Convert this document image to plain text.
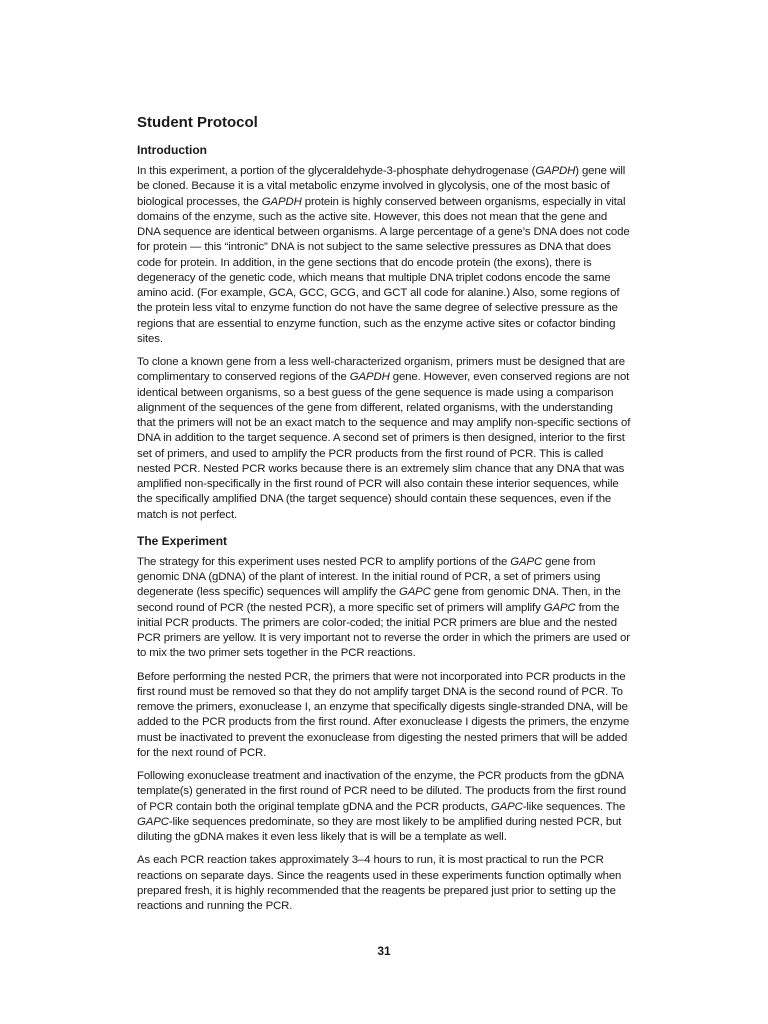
Student Protocol
Introduction

In this experiment, a portion of the glyceraldehyde-3-phosphate dehydrogenase (GAPDH) gene will be cloned. Because it is a vital metabolic enzyme involved in glycolysis, one of the most basic of biological processes, the GAPDH protein is highly conserved between organisms, especially in vital domains of the enzyme, such as the active site. However, this does not mean that the gene and DNA sequence are identical between organisms. A large percentage of a gene’s DNA does not code for protein — this “intronic” DNA is not subject to the same selective pressures as DNA that does code for protein. In addition, in the gene sections that do encode protein (the exons), there is degeneracy of the genetic code, which means that multiple DNA triplet codons encode the same amino acid. (For example, GCA, GCC, GCG, and GCT all code for alanine.) Also, some regions of the protein less vital to enzyme function do not have the same degree of selective pressure as the regions that are essential to enzyme function, such as the enzyme active sites or cofactor binding sites.

To clone a known gene from a less well-characterized organism, primers must be designed that are complimentary to conserved regions of the GAPDH gene. However, even conserved regions are not identical between organisms, so a best guess of the gene sequence is made using a comparison alignment of the sequences of the gene from different, related organisms, with the understanding that the primers will not be an exact match to the sequence and may amplify non-specific sections of DNA in addition to the target sequence. A second set of primers is then designed, interior to the first set of primers, and used to amplify the PCR products from the first round of PCR. This is called nested PCR. Nested PCR works because there is an extremely slim chance that any DNA that was amplified non-specifically in the first round of PCR will also contain these interior sequences, while the specifically amplified DNA (the target sequence) should contain these sequences, even if the match is not perfect.

The Experiment

The strategy for this experiment uses nested PCR to amplify portions of the GAPC gene from genomic DNA (gDNA) of the plant of interest. In the initial round of PCR, a set of primers using degenerate (less specific) sequences will amplify the GAPC gene from genomic DNA. Then, in the second round of PCR (the nested PCR), a more specific set of primers will amplify GAPC from the initial PCR products. The primers are color-coded; the initial PCR primers are blue and the nested PCR primers are yellow. It is very important not to reverse the order in which the primers are used or to mix the two primer sets together in the PCR reactions.

Before performing the nested PCR, the primers that were not incorporated into PCR products in the first round must be removed so that they do not amplify target DNA is the second round of PCR. To remove the primers, exonuclease I, an enzyme that specifically digests single-stranded DNA, will be added to the PCR products from the first round. After exonuclease I digests the primers, the enzyme must be inactivated to prevent the exonuclease from digesting the nested primers that will be added for the next round of PCR.

Following exonuclease treatment and inactivation of the enzyme, the PCR products from the gDNA template(s) generated in the first round of PCR need to be diluted. The products from the first round of PCR contain both the original template gDNA and the PCR products, GAPC-like sequences. The GAPC-like sequences predominate, so they are most likely to be amplified during nested PCR, but diluting the gDNA makes it even less likely that is will be a template as well.

As each PCR reaction takes approximately 3–4 hours to run, it is most practical to run the PCR reactions on separate days. Since the reagents used in these experiments function optimally when prepared fresh, it is highly recommended that the reagents be prepared just prior to setting up the reactions and running the PCR.

31
